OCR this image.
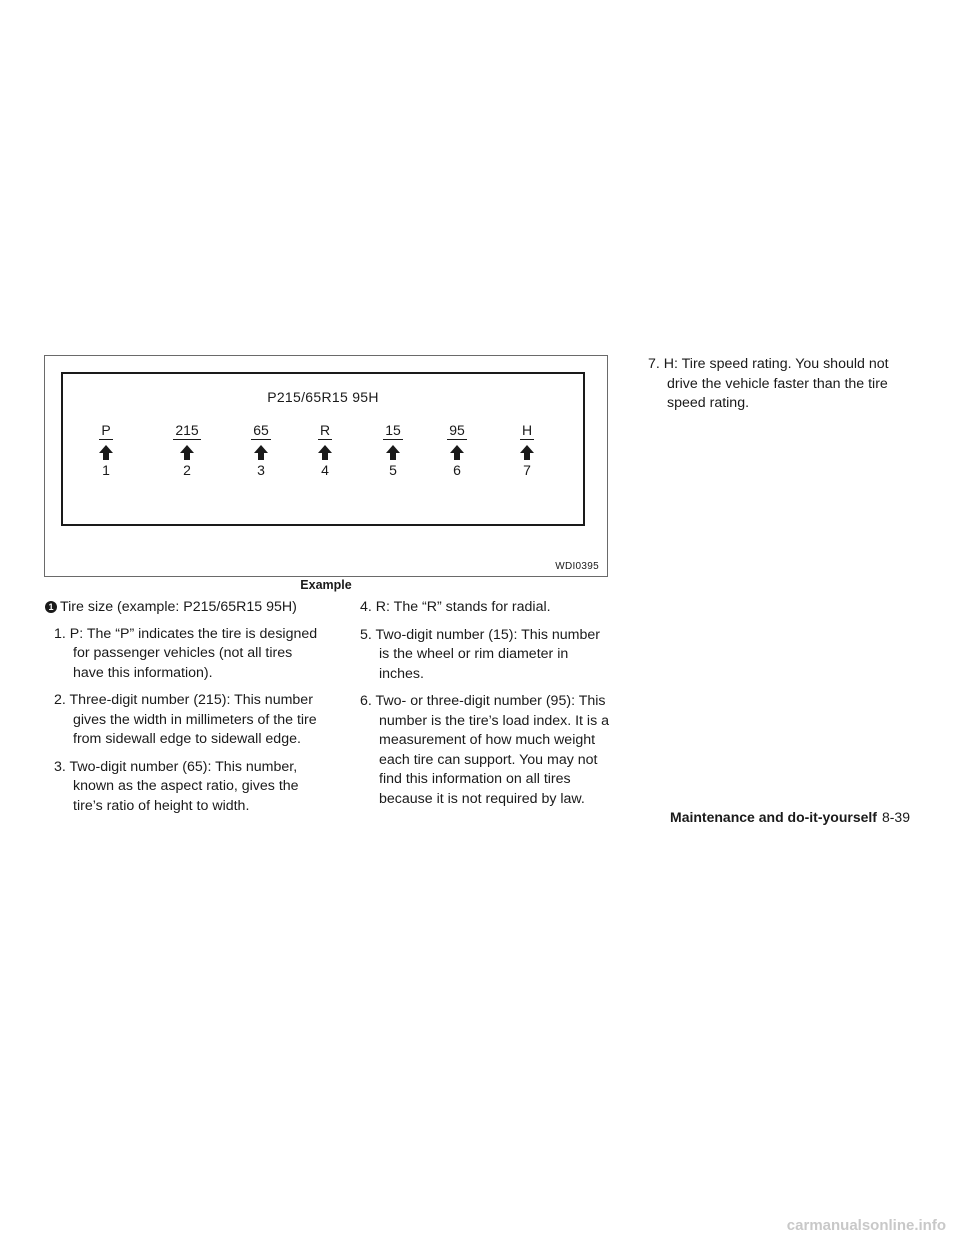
P215/65R15 95H
P
1
215
2
65
3
R
4
15
5
95
6
H
7
WDI0395
Example

1 Tire size (example: P215/65R15 95H)

1. P: The “P” indicates the tire is designed for passenger vehicles (not all tires have this information).

2. Three-digit number (215): This number gives the width in millimeters of the tire from sidewall edge to sidewall edge.

3. Two-digit number (65): This number, known as the aspect ratio, gives the tire’s ratio of height to width.

4. R: The “R” stands for radial.

5. Two-digit number (15): This number is the wheel or rim diameter in inches.

6. Two- or three-digit number (95): This number is the tire’s load index. It is a measurement of how much weight each tire can support. You may not find this information on all tires because it is not required by law.

7. H: Tire speed rating. You should not drive the vehicle faster than the tire speed rating.

Maintenance and do-it-yourself 8-39
carmanualsonline.info
